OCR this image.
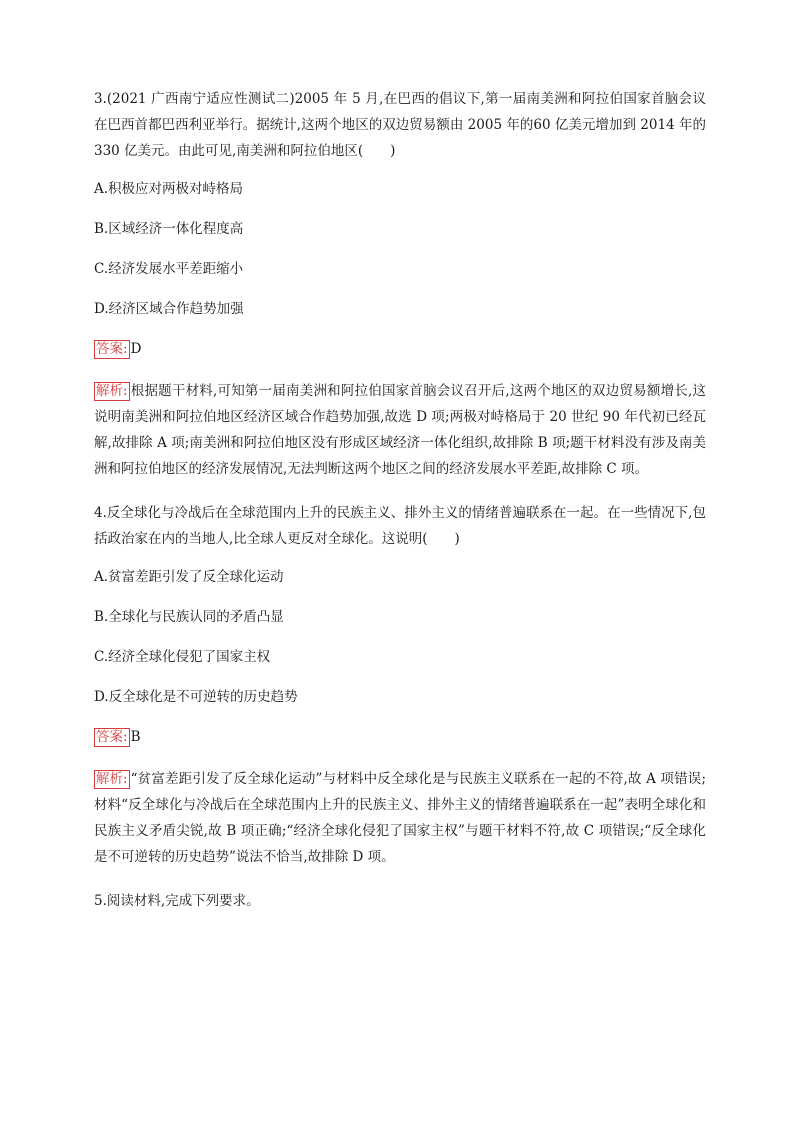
3.(2021 广西南宁适应性测试二)2005 年 5 月,在巴西的倡议下,第一届南美洲和阿拉伯国家首脑会议在巴西首都巴西利亚举行。据统计,这两个地区的双边贸易额由 2005 年的60 亿美元增加到 2014 年的 330 亿美元。由此可见,南美洲和阿拉伯地区(　　)

A.积极应对两极对峙格局

B.区域经济一体化程度高

C.经济发展水平差距缩小

D.经济区域合作趋势加强

答案: D

解析: 根据题干材料,可知第一届南美洲和阿拉伯国家首脑会议召开后,这两个地区的双边贸易额增长,这说明南美洲和阿拉伯地区经济区域合作趋势加强,故选 D 项;两极对峙格局于 20 世纪 90 年代初已经瓦解,故排除 A 项;南美洲和阿拉伯地区没有形成区域经济一体化组织,故排除 B 项;题干材料没有涉及南美洲和阿拉伯地区的经济发展情况,无法判断这两个地区之间的经济发展水平差距,故排除 C 项。

4.反全球化与冷战后在全球范围内上升的民族主义、排外主义的情绪普遍联系在一起。在一些情况下,包括政治家在内的当地人,比全球人更反对全球化。这说明(　　)

A.贫富差距引发了反全球化运动

B.全球化与民族认同的矛盾凸显

C.经济全球化侵犯了国家主权

D.反全球化是不可逆转的历史趋势

答案: B

解析: “贫富差距引发了反全球化运动”与材料中反全球化是与民族主义联系在一起的不符,故 A 项错误;材料“反全球化与冷战后在全球范围内上升的民族主义、排外主义的情绪普遍联系在一起”表明全球化和民族主义矛盾尖锐,故 B 项正确;“经济全球化侵犯了国家主权”与题干材料不符,故 C 项错误;“反全球化是不可逆转的历史趋势”说法不恰当,故排除 D 项。

5.阅读材料,完成下列要求。
